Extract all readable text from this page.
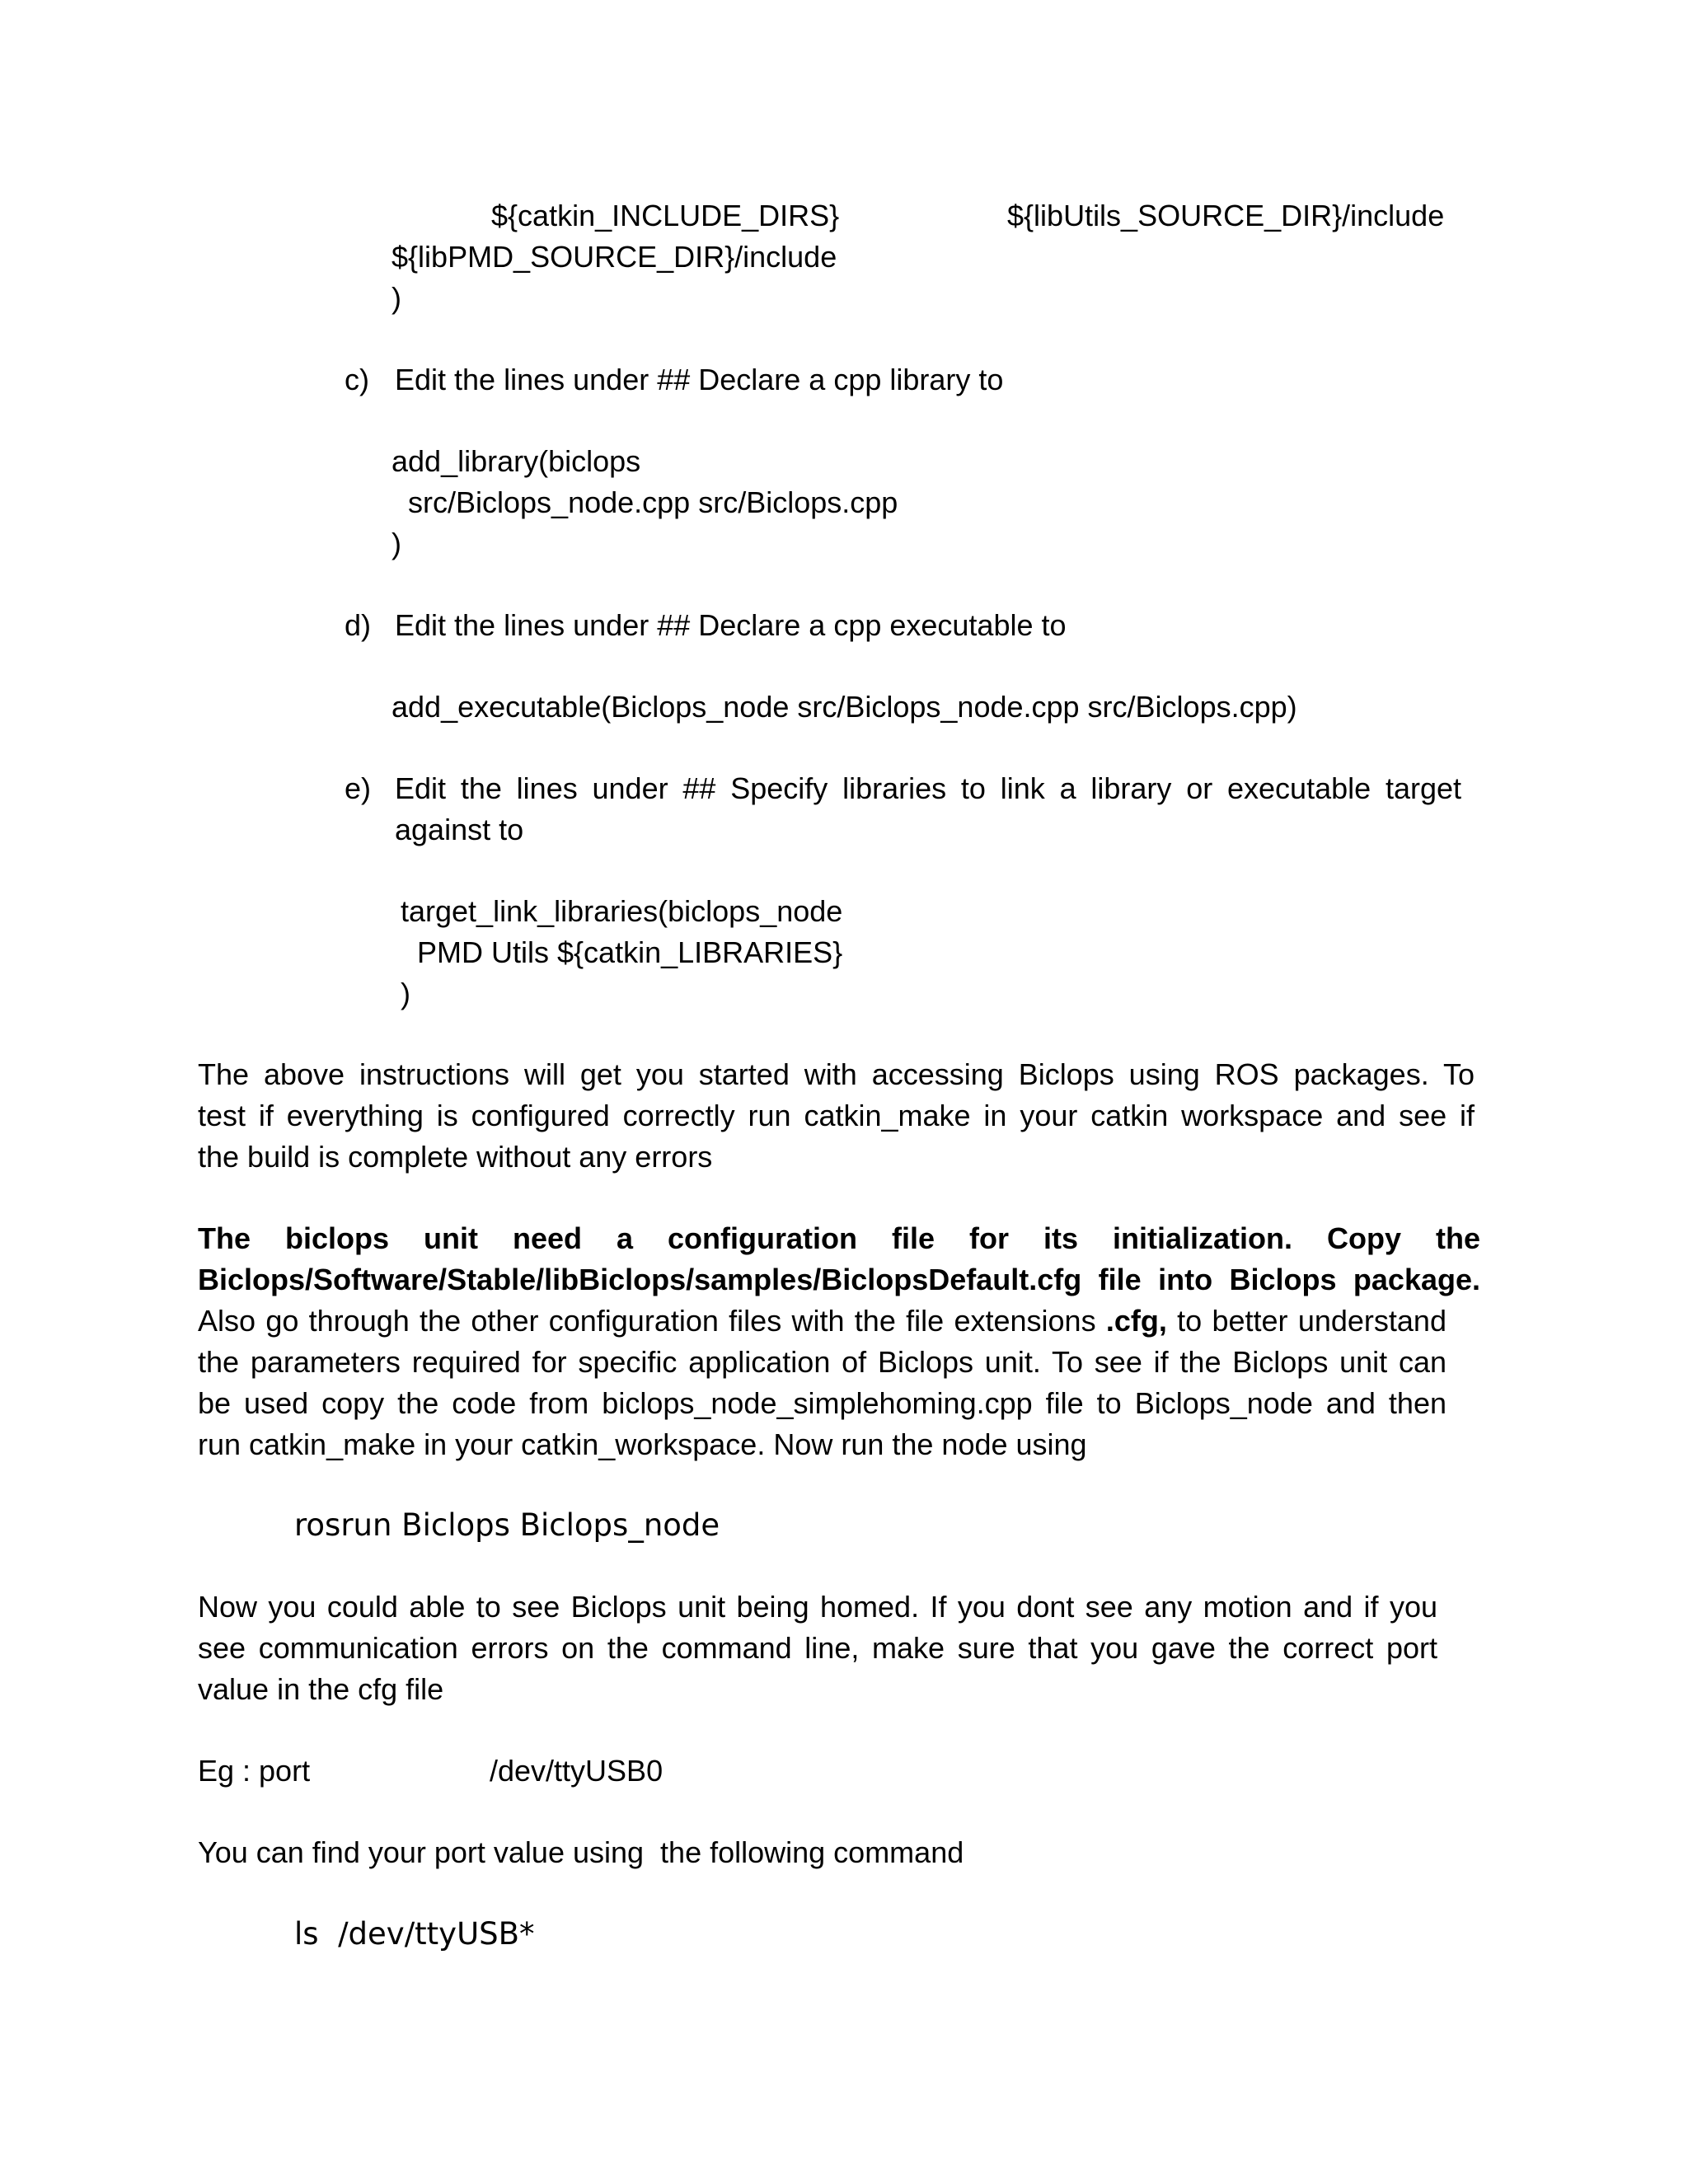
${catkin_INCLUDE_DIRS}	${libUtils_SOURCE_DIR}/include

${libPMD_SOURCE_DIR}/include

)

c) Edit the lines under ## Declare a cpp library to

add_library(biclops

src/Biclops_node.cpp src/Biclops.cpp

)

d) Edit the lines under ## Declare a cpp executable to

add_executable(Biclops_node src/Biclops_node.cpp src/Biclops.cpp)

e) Edit the lines under ## Specify libraries to link a library or executable target
against to

target_link_libraries(biclops_node

PMD Utils ${catkin_LIBRARIES}

)

The above instructions will get you started with accessing Biclops using ROS packages. To
test if everything is configured correctly run catkin_make in your catkin workspace and see if
the build is complete without any errors
The biclops unit need a configuration file for its initialization. Copy the
Biclops/Software/Stable/libBiclops/samples/BiclopsDefault.cfg file into Biclops package.
Also go through the other configuration files with the file extensions .cfg, to better understand
the parameters required for specific application of Biclops unit. To see if the Biclops unit can
be used copy the code from biclops_node_simplehoming.cpp file to Biclops_node and then
run catkin_make in your catkin_workspace. Now run the node using

rosrun Biclops Biclops_node

Now you could able to see Biclops unit being homed. If you dont see any motion and if you
see communication errors on the command line, make sure that you gave the correct port
value in the cfg file

Eg : port	/dev/ttyUSB0

You can find your port value using  the following command

ls  /dev/ttyUSB*
